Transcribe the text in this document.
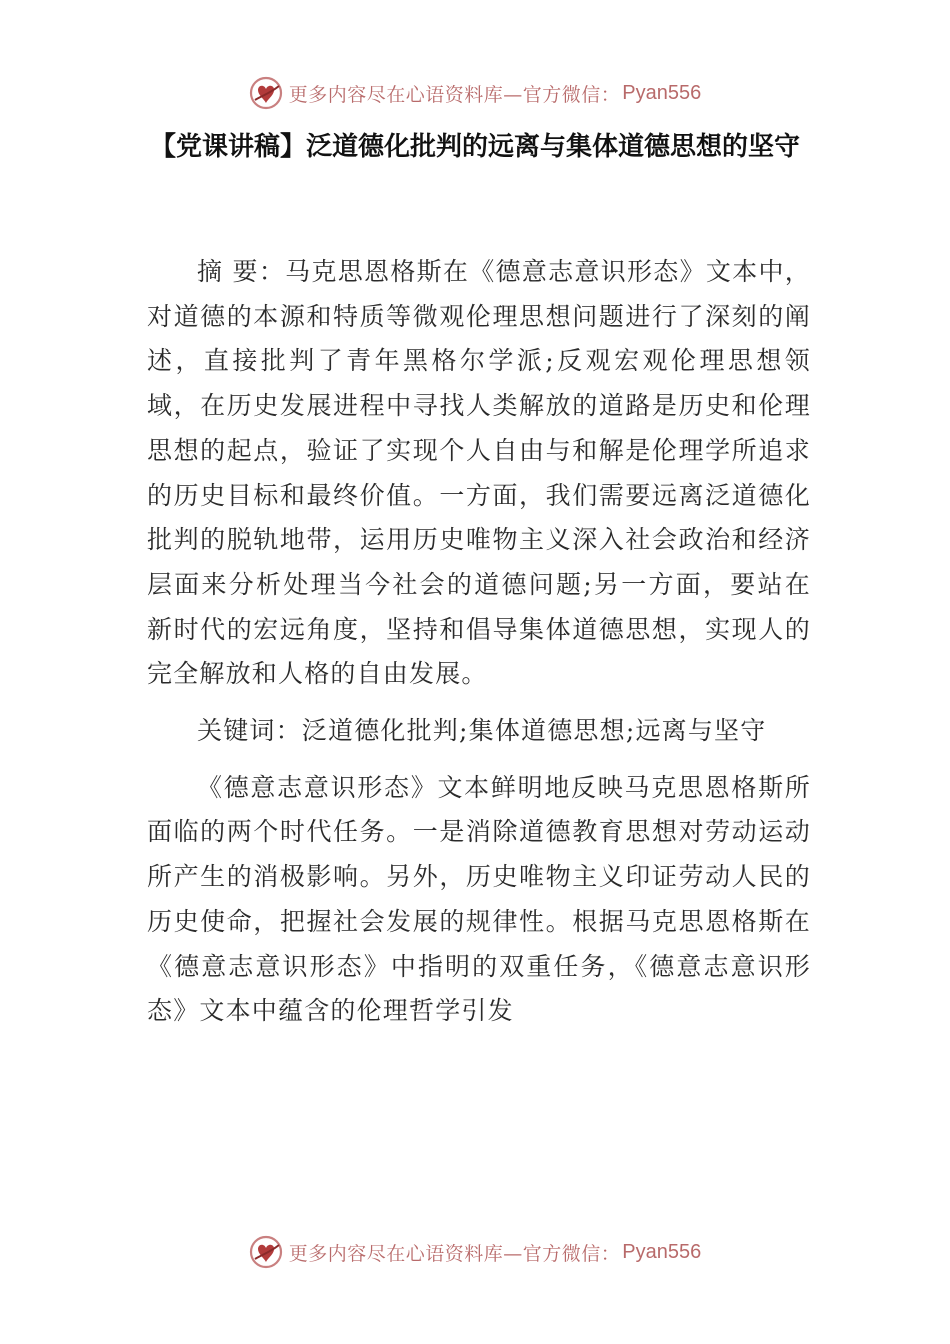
更多内容尽在心语资料库—官方微信： Pyan556
【党课讲稿】泛道德化批判的远离与集体道德思想的坚守

摘 要：马克思恩格斯在《德意志意识形态》文本中，对道德的本源和特质等微观伦理思想问题进行了深刻的阐述，直接批判了青年黑格尔学派;反观宏观伦理思想领域，在历史发展进程中寻找人类解放的道路是历史和伦理思想的起点，验证了实现个人自由与和解是伦理学所追求的历史目标和最终价值。一方面，我们需要远离泛道德化批判的脱轨地带，运用历史唯物主义深入社会政治和经济层面来分析处理当今社会的道德问题;另一方面，要站在新时代的宏远角度，坚持和倡导集体道德思想，实现人的完全解放和人格的自由发展。

关键词：泛道德化批判;集体道德思想;远离与坚守

《德意志意识形态》文本鲜明地反映马克思恩格斯所面临的两个时代任务。一是消除道德教育思想对劳动运动所产生的消极影响。另外，历史唯物主义印证劳动人民的历史使命，把握社会发展的规律性。根据马克思恩格斯在《德意志意识形态》中指明的双重任务，《德意志意识形态》文本中蕴含的伦理哲学引发

更多内容尽在心语资料库—官方微信： Pyan556
